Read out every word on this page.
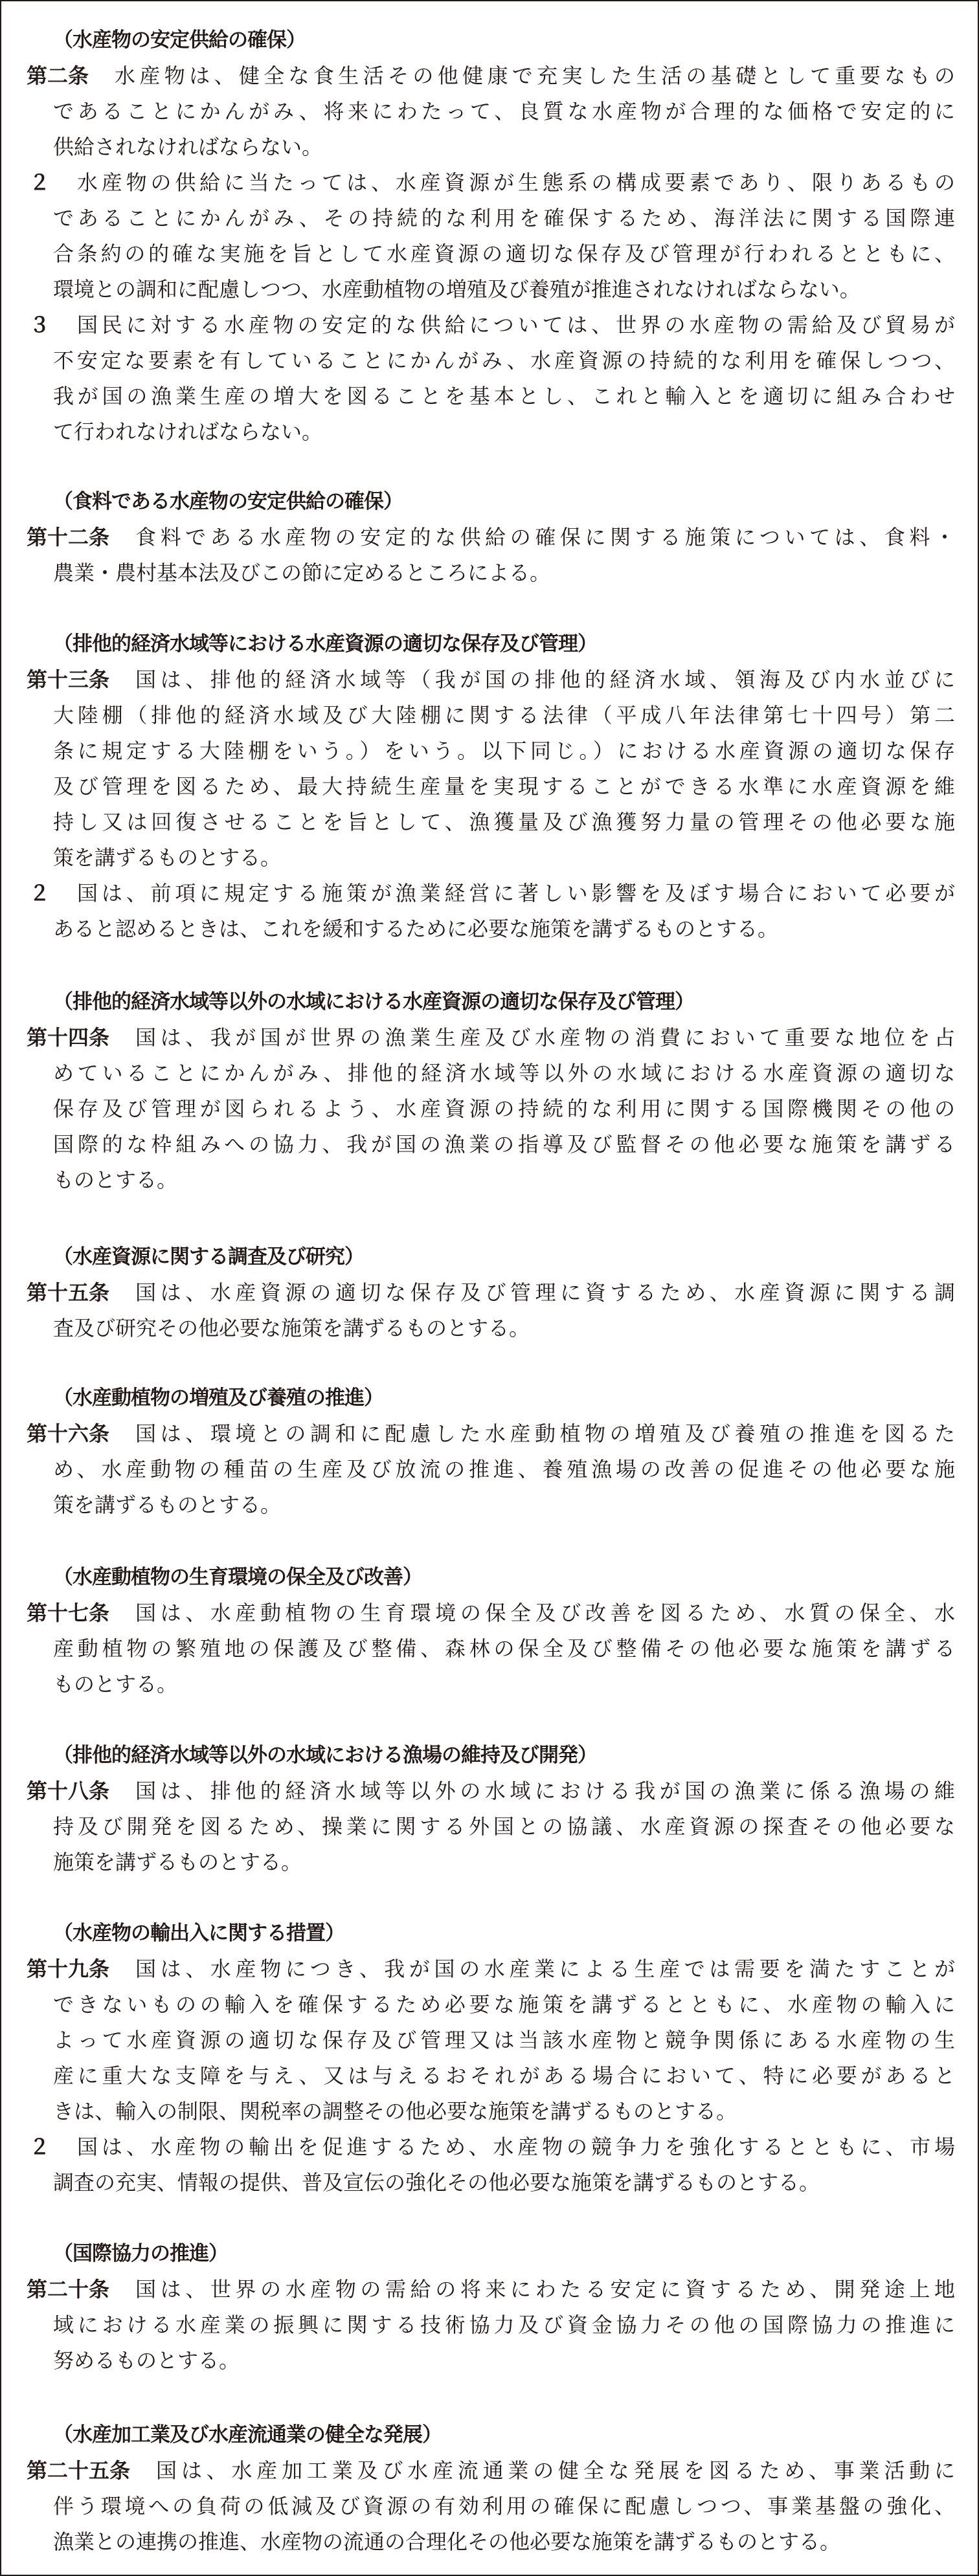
（水産物の安定供給の確保）
第二条 水産物は、健全な食生活その他健康で充実した生活の基礎として重要なもの
であることにかんがみ、将来にわたって、良質な水産物が合理的な価格で安定的に
供給されなければならない。
２ 水産物の供給に当たっては、水産資源が生態系の構成要素であり、限りあるもの
であることにかんがみ、その持続的な利用を確保するため、海洋法に関する国際連
合条約の的確な実施を旨として水産資源の適切な保存及び管理が行われるとともに、
環境との調和に配慮しつつ、水産動植物の増殖及び養殖が推進されなければならない。
３ 国民に対する水産物の安定的な供給については、世界の水産物の需給及び貿易が
不安定な要素を有していることにかんがみ、水産資源の持続的な利用を確保しつつ、
我が国の漁業生産の増大を図ることを基本とし、これと輸入とを適切に組み合わせ
て行われなければならない。
（食料である水産物の安定供給の確保）
第十二条 食料である水産物の安定的な供給の確保に関する施策については、食料・
農業・農村基本法及びこの節に定めるところによる。
（排他的経済水域等における水産資源の適切な保存及び管理）
第十三条 国は、排他的経済水域等（我が国の排他的経済水域、領海及び内水並びに
大陸棚（排他的経済水域及び大陸棚に関する法律（平成八年法律第七十四号）第二
条に規定する大陸棚をいう。）をいう。以下同じ。）における水産資源の適切な保存
及び管理を図るため、最大持続生産量を実現することができる水準に水産資源を維
持し又は回復させることを旨として、漁獲量及び漁獲努力量の管理その他必要な施
策を講ずるものとする。
２ 国は、前項に規定する施策が漁業経営に著しい影響を及ぼす場合において必要が
あると認めるときは、これを緩和するために必要な施策を講ずるものとする。
（排他的経済水域等以外の水域における水産資源の適切な保存及び管理）
第十四条 国は、我が国が世界の漁業生産及び水産物の消費において重要な地位を占
めていることにかんがみ、排他的経済水域等以外の水域における水産資源の適切な
保存及び管理が図られるよう、水産資源の持続的な利用に関する国際機関その他の
国際的な枠組みへの協力、我が国の漁業の指導及び監督その他必要な施策を講ずる
ものとする。
（水産資源に関する調査及び研究）
第十五条 国は、水産資源の適切な保存及び管理に資するため、水産資源に関する調
査及び研究その他必要な施策を講ずるものとする。
（水産動植物の増殖及び養殖の推進）
第十六条 国は、環境との調和に配慮した水産動植物の増殖及び養殖の推進を図るた
め、水産動物の種苗の生産及び放流の推進、養殖漁場の改善の促進その他必要な施
策を講ずるものとする。
（水産動植物の生育環境の保全及び改善）
第十七条 国は、水産動植物の生育環境の保全及び改善を図るため、水質の保全、水
産動植物の繁殖地の保護及び整備、森林の保全及び整備その他必要な施策を講ずる
ものとする。
（排他的経済水域等以外の水域における漁場の維持及び開発）
第十八条 国は、排他的経済水域等以外の水域における我が国の漁業に係る漁場の維
持及び開発を図るため、操業に関する外国との協議、水産資源の探査その他必要な
施策を講ずるものとする。
（水産物の輸出入に関する措置）
第十九条 国は、水産物につき、我が国の水産業による生産では需要を満たすことが
できないものの輸入を確保するため必要な施策を講ずるとともに、水産物の輸入に
よって水産資源の適切な保存及び管理又は当該水産物と競争関係にある水産物の生
産に重大な支障を与え、又は与えるおそれがある場合において、特に必要があると
きは、輸入の制限、関税率の調整その他必要な施策を講ずるものとする。
２ 国は、水産物の輸出を促進するため、水産物の競争力を強化するとともに、市場
調査の充実、情報の提供、普及宣伝の強化その他必要な施策を講ずるものとする。
（国際協力の推進）
第二十条 国は、世界の水産物の需給の将来にわたる安定に資するため、開発途上地
域における水産業の振興に関する技術協力及び資金協力その他の国際協力の推進に
努めるものとする。
（水産加工業及び水産流通業の健全な発展）
第二十五条 国は、水産加工業及び水産流通業の健全な発展を図るため、事業活動に
伴う環境への負荷の低減及び資源の有効利用の確保に配慮しつつ、事業基盤の強化、
漁業との連携の推進、水産物の流通の合理化その他必要な施策を講ずるものとする。
